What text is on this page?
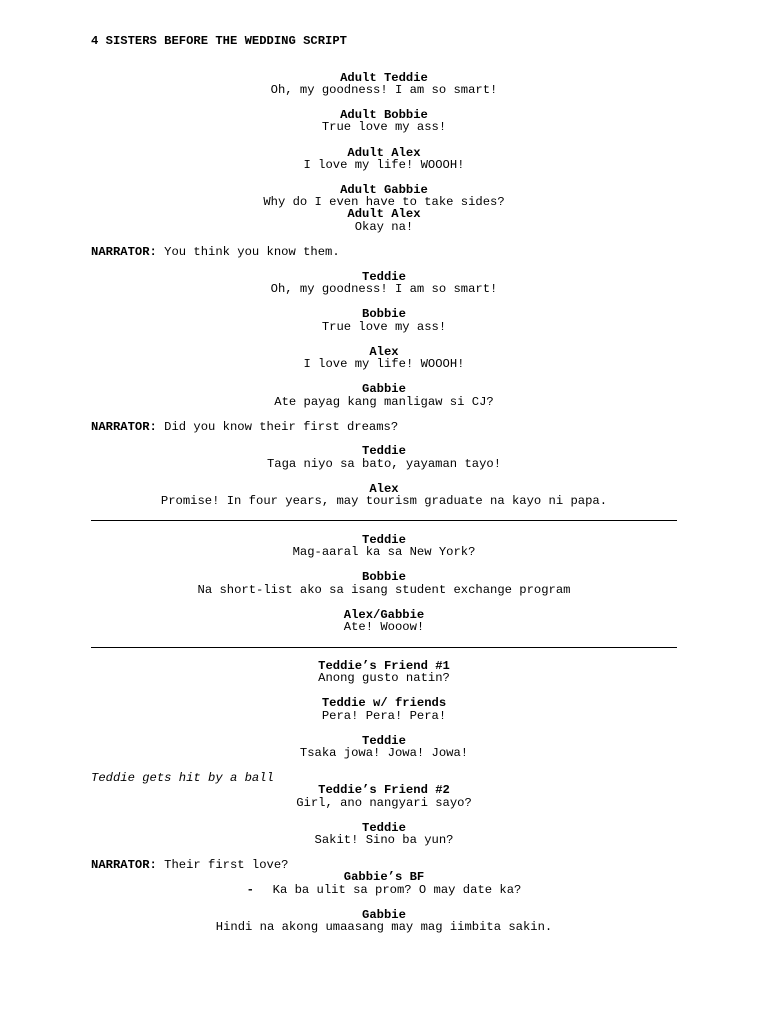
4 SISTERS BEFORE THE WEDDING SCRIPT
Adult Teddie
Oh, my goodness! I am so smart!
Adult Bobbie
True love my ass!
Adult Alex
I love my life! WOOOH!
Adult Gabbie
Why do I even have to take sides?
Adult Alex
Okay na!
NARRATOR: You think you know them.
Teddie
Oh, my goodness! I am so smart!
Bobbie
True love my ass!
Alex
I love my life! WOOOH!
Gabbie
Ate payag kang manligaw si CJ?
NARRATOR: Did you know their first dreams?
Teddie
Taga niyo sa bato, yayaman tayo!
Alex
Promise! In four years, may tourism graduate na kayo ni papa.
Teddie
Mag-aaral ka sa New York?
Bobbie
Na short-list ako sa isang student exchange program
Alex/Gabbie
Ate! Wooow!
Teddie’s Friend #1
Anong gusto natin?
Teddie w/ friends
Pera! Pera! Pera!
Teddie
Tsaka jowa! Jowa! Jowa!
Teddie gets hit by a ball
Teddie’s Friend #2
Girl, ano nangyari sayo?
Teddie
Sakit! Sino ba yun?
NARRATOR: Their first love?
Gabbie’s BF
- Ka ba ulit sa prom? O may date ka?
Gabbie
Hindi na akong umaasang may mag iimbita sakin.
